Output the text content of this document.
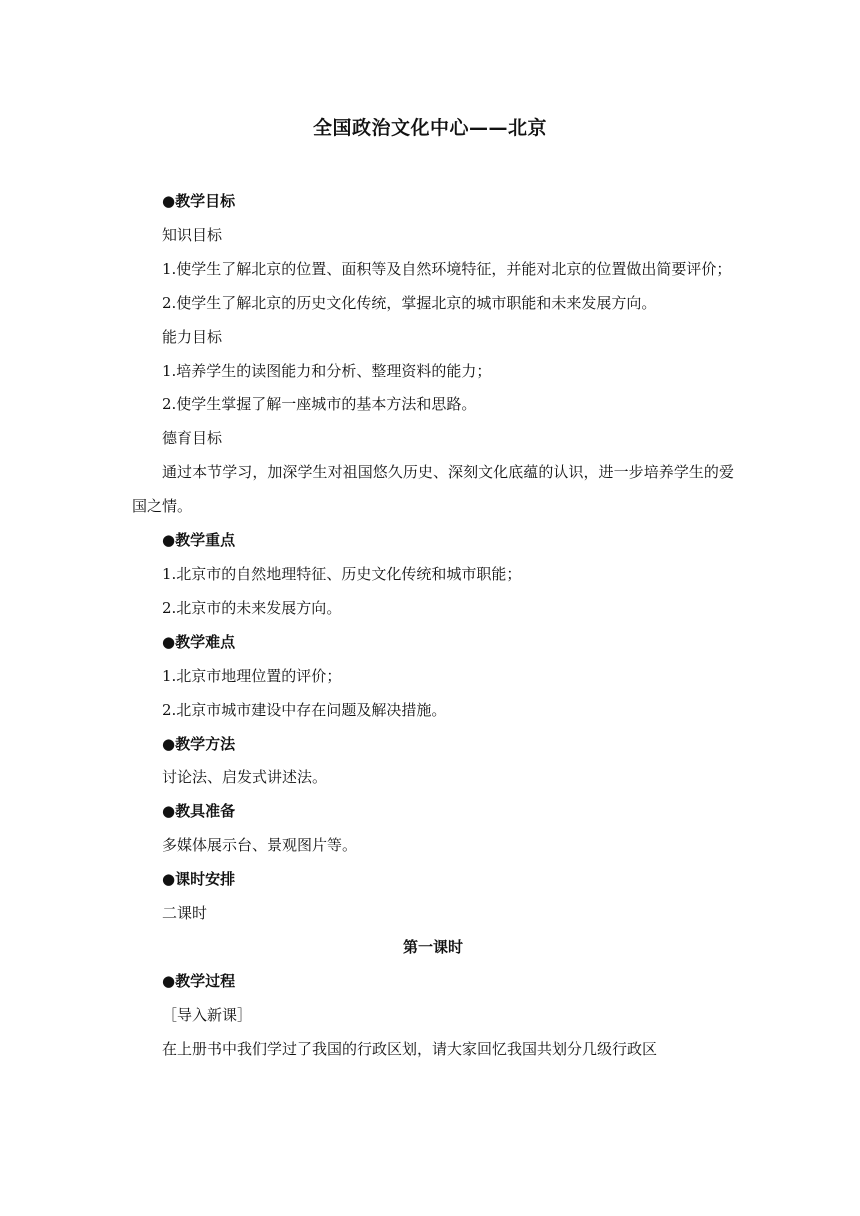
全国政治文化中心——北京

●教学目标

知识目标

1.使学生了解北京的位置、面积等及自然环境特征，并能对北京的位置做出简要评价；

2.使学生了解北京的历史文化传统，掌握北京的城市职能和未来发展方向。

能力目标

1.培养学生的读图能力和分析、整理资料的能力；

2.使学生掌握了解一座城市的基本方法和思路。

德育目标

通过本节学习，加深学生对祖国悠久历史、深刻文化底蕴的认识，进一步培养学生的爱国之情。

●教学重点

1.北京市的自然地理特征、历史文化传统和城市职能；

2.北京市的未来发展方向。

●教学难点

1.北京市地理位置的评价；

2.北京市城市建设中存在问题及解决措施。

●教学方法

讨论法、启发式讲述法。

●教具准备

多媒体展示台、景观图片等。

●课时安排

二课时

第一课时

●教学过程

［导入新课］

在上册书中我们学过了我国的行政区划，请大家回忆我国共划分几级行政区
